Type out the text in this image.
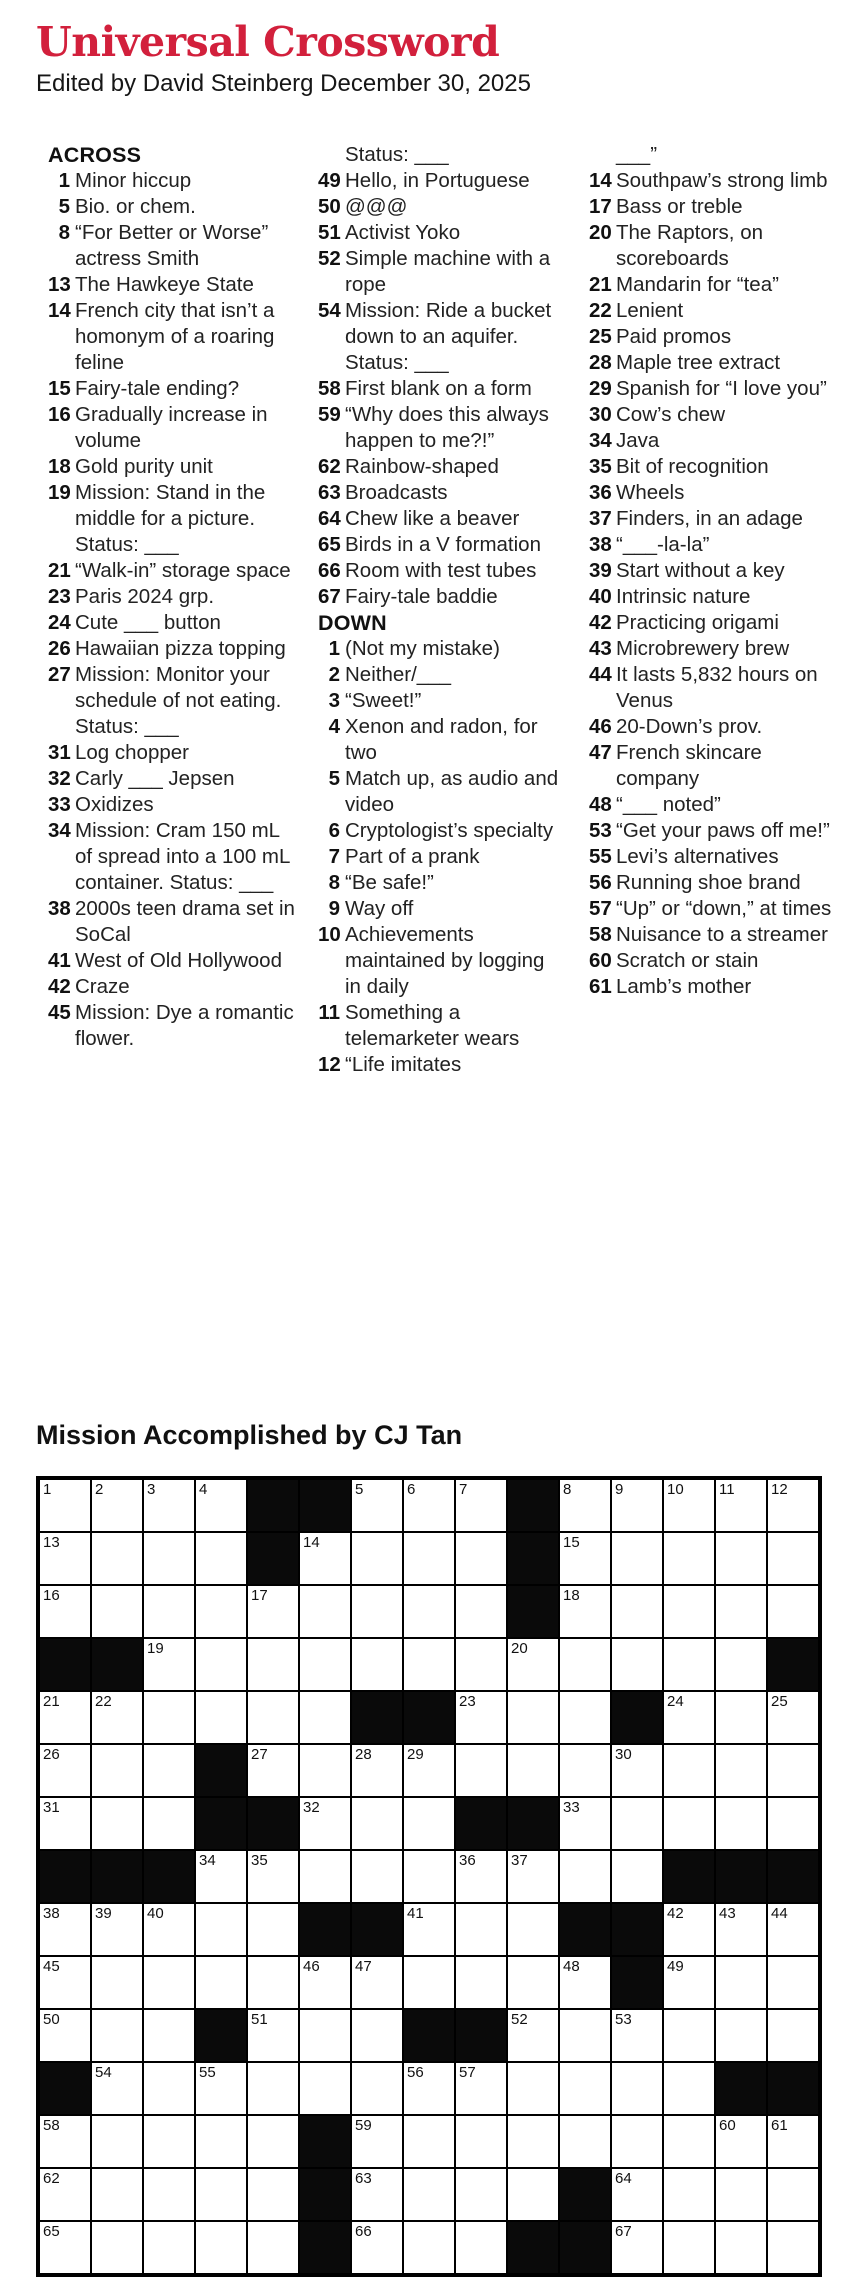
Universal Crossword
Edited by David Steinberg December 30, 2025
ACROSS
1 Minor hiccup
5 Bio. or chem.
8 “For Better or Worse” actress Smith
13 The Hawkeye State
14 French city that isn’t a homonym of a roaring feline
15 Fairy-tale ending?
16 Gradually increase in volume
18 Gold purity unit
19 Mission: Stand in the middle for a picture. Status: ___
21 “Walk-in” storage space
23 Paris 2024 grp.
24 Cute ___ button
26 Hawaiian pizza topping
27 Mission: Monitor your schedule of not eating. Status: ___
31 Log chopper
32 Carly ___ Jepsen
33 Oxidizes
34 Mission: Cram 150 mL of spread into a 100 mL container. Status: ___
38 2000s teen drama set in SoCal
41 West of Old Hollywood
42 Craze
45 Mission: Dye a romantic flower.
Status: ___
49 Hello, in Portuguese
50 @@@
51 Activist Yoko
52 Simple machine with a rope
54 Mission: Ride a bucket down to an aquifer. Status: ___
58 First blank on a form
59 “Why does this always happen to me?!”
62 Rainbow-shaped
63 Broadcasts
64 Chew like a beaver
65 Birds in a V formation
66 Room with test tubes
67 Fairy-tale baddie
DOWN
1 (Not my mistake)
2 Neither/___
3 “Sweet!”
4 Xenon and radon, for two
5 Match up, as audio and video
6 Cryptologist’s specialty
7 Part of a prank
8 “Be safe!”
9 Way off
10 Achievements maintained by logging in daily
11 Something a telemarketer wears
12 “Life imitates
___”
14 Southpaw’s strong limb
17 Bass or treble
20 The Raptors, on scoreboards
21 Mandarin for “tea”
22 Lenient
25 Paid promos
28 Maple tree extract
29 Spanish for “I love you”
30 Cow’s chew
34 Java
35 Bit of recognition
36 Wheels
37 Finders, in an adage
38 “___-la-la”
39 Start without a key
40 Intrinsic nature
42 Practicing origami
43 Microbrewery brew
44 It lasts 5,832 hours on Venus
46 20-Down’s prov.
47 French skincare company
48 “___ noted”
53 “Get your paws off me!”
55 Levi’s alternatives
56 Running shoe brand
57 “Up” or “down,” at times
58 Nuisance to a streamer
60 Scratch or stain
61 Lamb’s mother
Mission Accomplished by CJ Tan
1	2	3	4	5	6	7	8	9	10 11 12
13	14	15
16	17	18
19	20
21 22	23	24	25
26	27	28 29	30
31	32	33
34 35	36 37
38 39 40	41	42 43 44
45	46 47	48	49
50	51	52	53
54	55	56 57
58	59	60 61
62	63	64
65	66	67
